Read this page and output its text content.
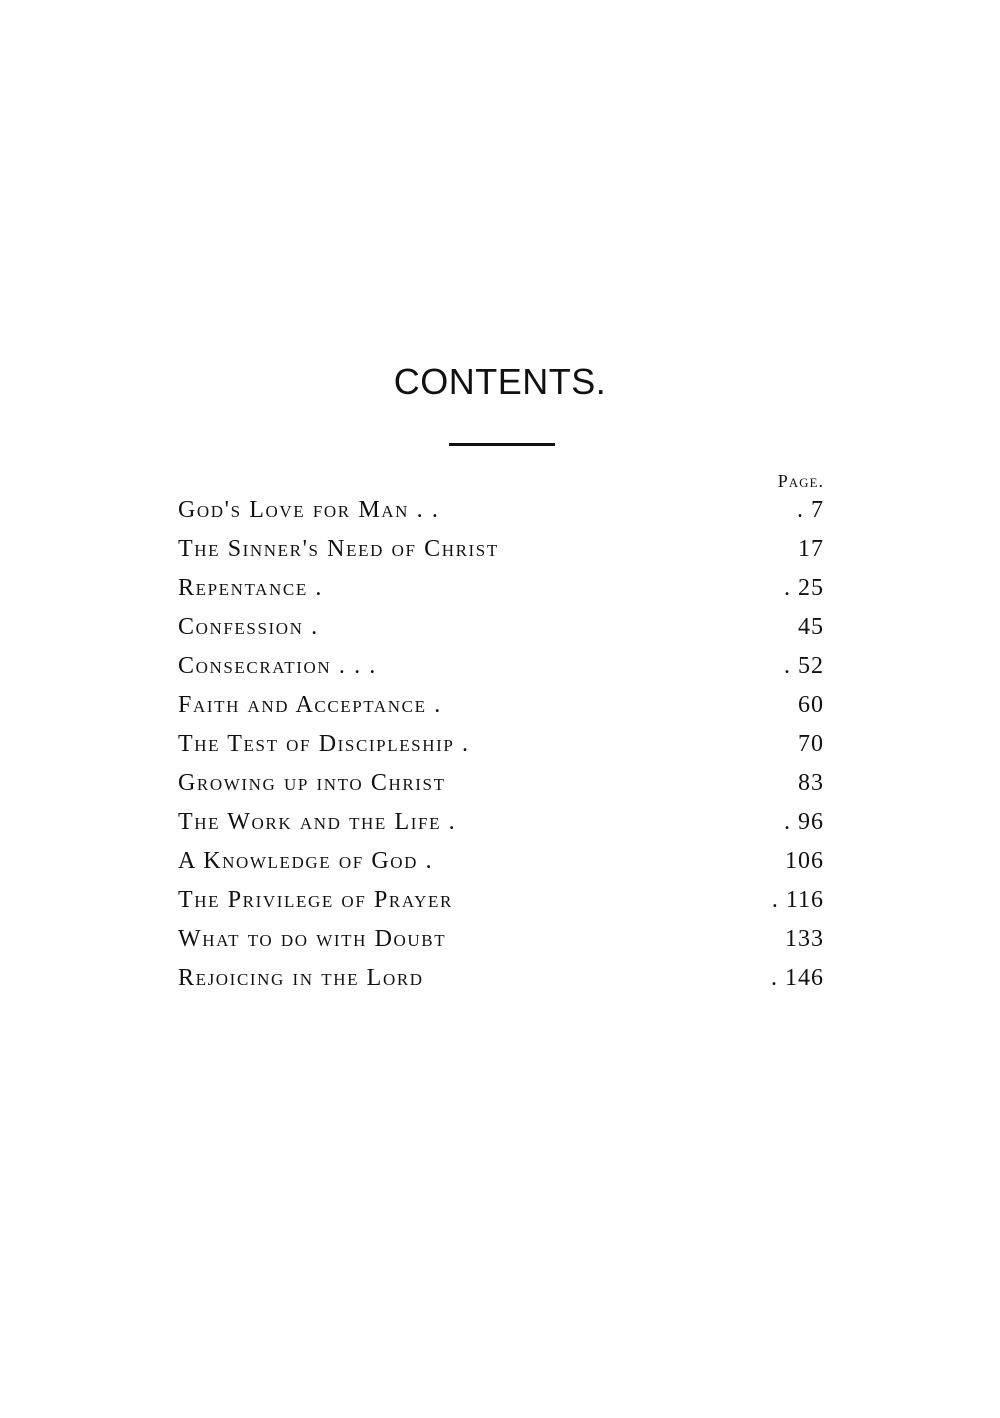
CONTENTS.
Page.
God's Love for Man . .	. 7
The Sinner's Need of Christ	17
Repentance .	. 25
Confession .	45
Consecration . . .	. 52
Faith and Acceptance .	60
The Test of Discipleship .	70
Growing up into Christ	83
The Work and the Life .	. 96
A Knowledge of God .	106
The Privilege of Prayer	. 116
What to do with Doubt	133
Rejoicing in the Lord	. 146
